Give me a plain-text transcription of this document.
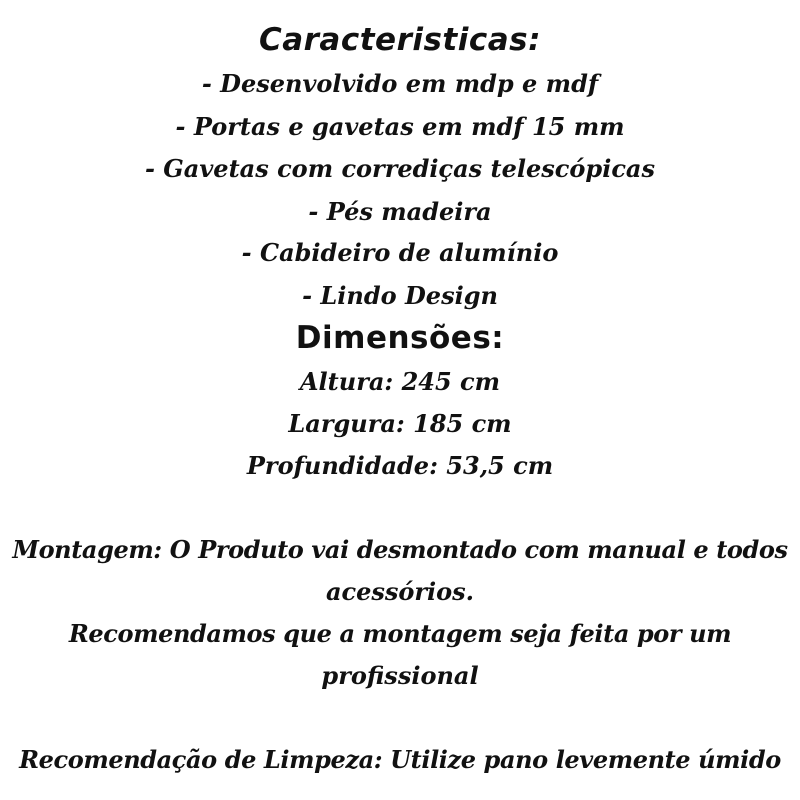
Caracteristicas:
- Desenvolvido em mdp e mdf
- Portas e gavetas em mdf 15 mm
- Gavetas com corrediças telescópicas
- Pés madeira
- Cabideiro de alumínio
- Lindo Design
Dimensões:
Altura: 245 cm
Largura: 185 cm
Profundidade: 53,5 cm
Montagem: O Produto vai desmontado com manual e todos
acessórios.
Recomendamos que a montagem seja feita por um
profissional
Recomendação de Limpeza: Utilize pano levemente úmido
